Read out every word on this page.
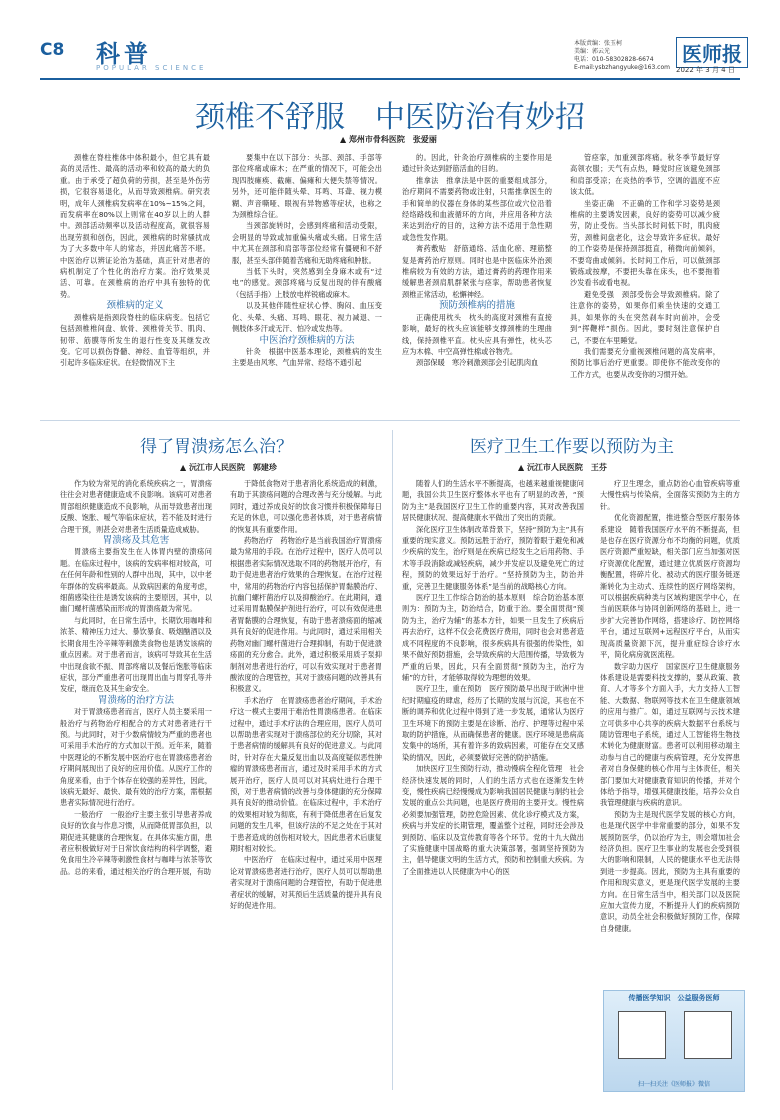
C8 科普
POPULAR SCIENCE
本版责编：张玉柯
美编：郭云光
电话：010-58302828-6674
E-mail:ysbzhangyuke@163.com
医师报
2022 年 3 月 4 日
颈椎不舒服　中医防治有妙招
▲ 郑州市骨科医院　张爱丽

颈椎在脊柱椎体中体积最小，但它具有最高的灵活性、最高的活动率和较高的最大的负重。由于承受了超负荷的劳损，甚至是外伤劳损，它很容易退化，从而导致颈椎病。研究表明，成年人颈椎病发病率在10%~15%之间，而发病率在80%以上则常在40岁以上的人群中。颈部活动频率以及活动程度高，就很容易出现劳损和创伤，因此，颈椎病的时常骚扰成为了大多数中年人的常态，并因此痛苦不堪。中医治疗以辨证论治为基础，真正针对患者的病机制定了个性化的治疗方案。治疗效果灵活、可靠。在颈椎病的治疗中具有独特的优势。

颈椎病的定义

颈椎病是指颈段脊柱的临床病变。包括它包括颈椎椎间盘、软骨、颈椎骨关节、肌肉、韧带、筋膜等所发生的退行性变及其继发改变。它可以损伤脊髓、神经、血管等组织，并引起许多临床症状。在轻微情况下主

要集中在以下部分：头部、颈部、手部等部位疼痛或麻木；在严重的情况下，可能会出现四肢瘫痪、截瘫、偏瘫和大便失禁等情况。另外，还可能伴随头晕、耳鸣、耳聋、视力模糊、声音嘶哑、眼视有异物感等症状，也称之为颈椎综合征。

当颈部旋转时，会感到疼痛和活动受限，会明显的导致或加重偏头痛或头痛。日常生活中尤其在颈部和肩部等部位经常有僵硬和不舒服，甚至头部伴随着苦痛和无助疼痛和肿胀。

当低下头时，突然感到全身麻木或有“过电”的感觉。颈部疼痛与反复出现的伴有酸痛（包括手指）上肢放电样锐痛或麻木。

以及其他伴随性症状心悸、胸闷、血压变化、头晕、头痛、耳鸣、眼花、视力减退、一侧肢体多汗或无汗、怕冷或发热等。

中医治疗颈椎病的方法

针灸　根据中医基本理论，颈椎病的发生主要是由风寒、气血异常、经络不通引起

的。因此，针灸治疗颈椎病的主要作用是通过针灸达到舒筋活血的目的。

推拿法　推拿法是中医的重要组成部分，治疗期间不需要药物或注射，只需推拿医生的手和简单的仪器在身体的某些部位或穴位沿着经络路线和血液循环的方向，并应用各种方法来达到治疗的目的，这种方法不适用于急性期或急性发作期。

膏药敷贴　舒筋通络、活血化瘀、理筋整复是膏药治疗原则。同时也是中医临床外治颈椎病较为有效的方法，通过膏药的药理作用来缓解患者颈肩肌群紧张与痉挛，帮助患者恢复颈椎正常活动，松懈神经。

预防颈椎病的措施

正确使用枕头　枕头的高度对颈椎有直接影响，最好的枕头应该能够支撑颈椎的生理曲线，保持颈椎平直。枕头应具有弹性，枕头芯应为木棉、中空高弹性棉或谷物壳。

颈部保暖　寒冷刺激颈部会引起肌肉血

管痉挛，加重颈部疼痛。秋冬季节最好穿高领衣服；天气有点热，睡觉时应该避免颈部和肩部受凉；在炎热的季节，空调的温度不应该太低。

坐姿正确　不正确的工作和学习姿势是颈椎病的主要诱发因素，良好的姿势可以减少疲劳，防止受伤。当头部长时间低下时，肌肉疲劳，颈椎间盘老化，这会导致许多症状。最好的工作姿势是保持颈部挺直，稍微向前倾斜，不要弯曲或倾斜。长时间工作后，可以做颈部锻炼或按摩，不要把头靠在床头，也不要拖着沙发看书或看电视。

避免受强　颈部受伤会导致颈椎病。除了注意你的姿势，如果你们乘坐快速的交通工具，如果你的头在突然刹车时向前冲，会受到“挥鞭样”损伤。因此，要时刻注意保护自己，不要在车里睡觉。

我们需要充分重视颈椎问题的高发病率，预防比事后治疗更重要。即使你不能改变你的工作方式，也要从改变你的习惯开始。

得了胃溃疡怎么治？
▲ 沅江市人民医院　郭建珍

作为较为常见的消化系统疾病之一，胃溃疡往往会对患者健康造成不良影响。该病可对患者胃部组织健康造成不良影响，从而导致患者出现反酸、饱胀、嗳气等临床症状，若不能及时进行合理干预，则甚会对患者生活质量造成威胁。

胃溃疡及其危害

胃溃疡主要指发生在人体胃内壁的溃疡问题。在临床过程中，该病的发病率相对较高，可在任何年龄和性别的人群中出现，其中，以中老年群体的发病率最高。从致病因素的角度考虑，细菌感染往往是诱发该病的主要原因，其中，以幽门螺杆菌感染而形成的胃溃疡最为常见。

与此同时，在日常生活中，长期饮用咖啡和浓茶、精神压力过大、暴饮暴食、吸烟酗酒以及长期食用生冷辛辣等刺激类食物也是诱发该病的重点因素。对于患者而言，该病可导致其在生活中出现食欲不振、胃部疼痛以及餐后饱胀等临床症状，部分严重患者可出现胃出血与胃穿孔等并发症，继而危及其生命安全。

胃溃疡的治疗方法

对于胃溃疡患者而言，医疗人员主要采用一般治疗与药物治疗相配合的方式对患者进行干预。与此同时，对于少数病情较为严重的患者也可采用手术治疗的方式加以干预。近年来，随着中医理论的不断发展中医治疗也在胃溃疡患者治疗期间展现出了良好的应用价值。从医疗工作的角度来看，由于个体存在较强的差异性，因此，该病无最好、最快、最有效的治疗方案，需根据患者实际情况进行治疗。

一般治疗　一般治疗主要主张引导患者养成良好的饮食与作息习惯，从而降低胃部负担，以期促进其健康的合理恢复。在具体实施方面，患者应积极做好对于日常饮食结构的科学调整，避免食用生冷辛辣等刺激性食材与咖啡与浓茶等饮品。总的来看，通过相关治疗的合理开展，有助

于降低食物对于患者消化系统造成的刺激，有助于其溃疡问题的合理改善与充分缓解。与此同时，通过养成良好的饮食习惯并积极保障每日充足的休息，可以强化患者体质，对于患者病情的恢复具有重要作用。

药物治疗　药物治疗是当前我国治疗胃溃疡最为常用的手段。在治疗过程中，医疗人员可以根据患者实际情况选取不同的药物展开治疗，有助于促进患者治疗效果的合理恢复。在治疗过程中，常用的药物治疗内容包括保护胃黏膜治疗、抗幽门螺杆菌治疗以及抑酸治疗。在此期间，通过采用胃黏膜保护剂进行治疗，可以有效促进患者胃黏膜的合理恢复，有助于患者溃疡面的缩减具有良好的促进作用。与此同时，通过采用相关药物对幽门螺杆菌进行合理抑制，有助于促进溃疡面的充分愈合。此外，通过积极采用质子泵抑制剂对患者进行治疗，可以有效实现对于患者胃酸浓度的合理管控，其对于溃疡问题的改善具有积极意义。

手术治疗　在胃溃疡患者治疗期间，手术治疗这一模式主要用于难治性胃溃疡患者。在临床过程中，通过手术疗法的合理应用，医疗人员可以帮助患者实现对于溃疡部位的充分切除，其对于患者病情的缓解具有良好的促进意义。与此同时，针对存在大量反复出血以及高度疑似恶性肿瘤的胃溃疡患者而言，通过及时采用手术的方式展开治疗，医疗人员可以对其病灶进行合理干预，对于患者病情的改善与身体健康的充分保障具有良好的推动价值。在临床过程中，手术治疗的效果相对较为彻底，有利于降低患者在后复发问题的发生几率，但该疗法的不足之处在于其对于患者造成的创伤相对较大，因此患者术后康复期时相对较长。

中医治疗　在临床过程中，通过采用中医理论对胃溃疡患者进行治疗，医疗人员可以帮助患者实现对于溃疡问题的合理管控，有助于促进患者症状的缓解，对其预后生活质量的提升具有良好的促进作用。

医疗卫生工作要以预防为主
▲ 沅江市人民医院　王芬

随着人们的生活水平不断提高，也越来越重视健康问题，我国公共卫生医疗整体水平也有了明显的改善，“预防为主”是我国医疗卫生工作的重要内容，其对改善我国居民健康状况、提高健康水平做出了突出的贡献。

深化医疗卫生体制改革背景下，坚持“预防为主”具有重要的现实意义。预防远胜于治疗，预防着眼于避免和减少疾病的发生，治疗则是在疾病已经发生之后用药物、手术等手段消除或减轻疾病，减少并发症以及避免死亡的过程，预防的效果远好于治疗。“坚持预防为主，防治并重，完善卫生健康服务体系”是当前的战略核心方向。

医疗卫生工作综合防治的基本原则　综合防治基本原则为：预防为主，防治结合，防重于治。要全面贯彻“预防为主，治疗为辅”的基本方针，如果一旦发生了疾病后再去治疗，这样不仅会花费医疗费用，同时也会对患者造成不同程度的不良影响，很多疾病具有很强的传染性，如果不做好预防措施，会导致疾病的大范围传播，导致极为严重的后果，因此，只有全面贯彻“预防为主，治疗为辅”的方针，才能够取得较为理想的效果。

医疗卫生，重在预防　医疗预防最早出现于欧洲中世纪时期瘟疫的肆虐，经历了长期的发展与沉淀，其也在不断的调养和优化过程中得到了进一步发展，通常认为医疗卫生环境下的预防主要是在诊断、治疗、护理等过程中采取的防护措施，从而确保患者的健康。医疗环境是患病高发集中的场所，其有着许多的致病因素，可能存在交叉感染的情况，因此，必须要做好完善的防护措施。

加快医疗卫生预防行动，推动慢病全程化管理　社会经济快速发展的同时，人们的生活方式也在逐渐发生转变，慢性疾病已经慢慢成为影响我国居民健康与制约社会发展的重点公共问题，也是医疗费用的主要开支。慢性病必须要加强管理，防控危险因素、优化诊疗模式及方案，疾病与并发症的长期管理，覆盖整个过程，同时还会涉及到预防、临床以及宣传教育等各个环节。党的十九大做出了实施健康中国战略的重大决策部署，强调坚持预防为主，倡导健康文明的生活方式，预防和控制重大疾病。为了全面推进以人民健康为中心的医

疗卫生理念，重点防治心血管疾病等重大慢性病与传染病，全面落实预防为主的方针。

优化资源配置，推进整合型医疗服务体系建设　随着我国医疗水平的不断提高，但是也存在医疗资源分布不均衡的问题，优质医疗资源严重短缺，相关部门应当加强对医疗资源优化配置，通过建立优质医疗资源均衡配置，将碎片化、被动式的医疗服务链逐渐转化为主动式、连续性的医疗网络架构，可以根据疾病种类与区域构建医学中心，在当前医联体与协同创新网络的基础上，进一步扩大完善协作网络，搭建诊疗、防控网络平台，通过互联网+远程医疗平台，从而实现高质量资源下沉，提升重症综合诊疗水平，简化病房就医流程。

数字助力医疗　国家医疗卫生健康服务体系建设是需要科技支撑的，要从政策、教育、人才等多个方面入手，大力支持人工智能、大数据、物联网等技术在卫生健康领域的应用与推广。如，通过互联网与云技术建立可供多中心共享的疾病大数据平台系统与随访管理电子系统，通过人工智能将生物技术转化为健康财富。患者可以利用移动端主动参与自己的健康与疾病管理，充分发挥患者对自身保健的核心作用与主体责任，相关部门要加大对健康教育知识的传播，并对个体给予指导，增强其健康技能，培养公众自我管理健康与疾病的意识。

预防为主是现代医学发展的核心方向，也是现代医学中非常重要的部分，如果不发展预防医学，仍以治疗为主，则会增加社会经济负担。医疗卫生事业的发展也会受到很大的影响和限制，人民的健康水平也无法得到进一步提高。因此，预防为主具有重要的作用和现实意义，更是现代医学发展的主要方向。在日常生活当中，相关部门以及医院应加大宣传力度，不断提升人们的疾病预防意识，动员全社会积极做好预防工作，保障自身健康。

传播医学知识　公益服务医师
扫一扫关注《医师报》微信
